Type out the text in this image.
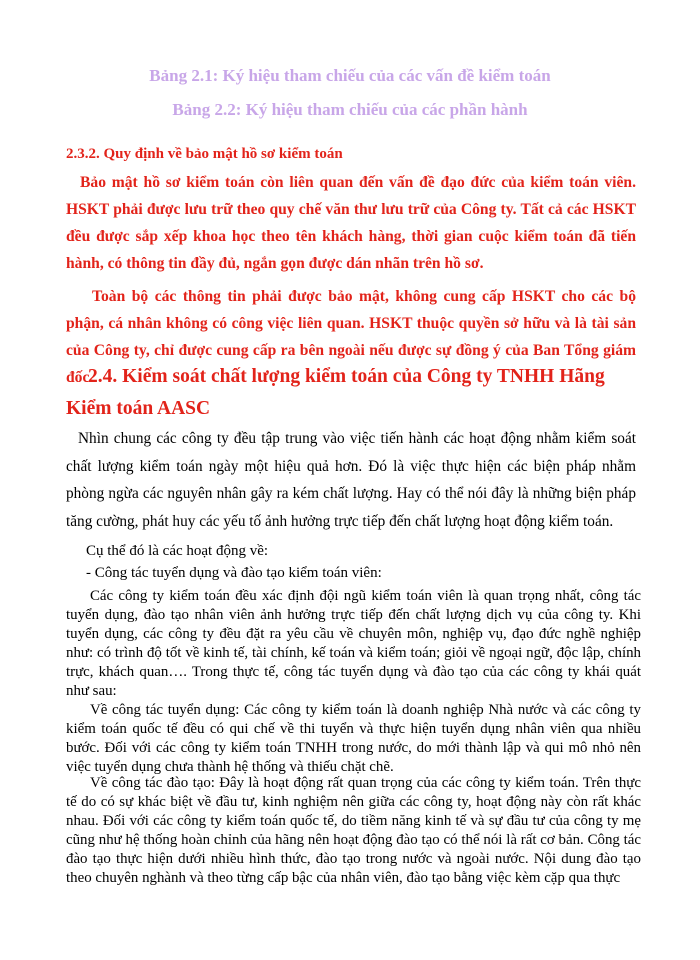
Bảng 2.1: Ký hiệu tham chiếu của các vấn đề kiểm toán

Bảng 2.2: Ký hiệu tham chiếu của các phần hành

2.3.2. Quy định về bảo mật hồ sơ kiểm toán

Bảo mật hồ sơ kiểm toán còn liên quan đến vấn đề đạo đức của kiểm toán viên. HSKT phải được lưu trữ theo quy chế văn thư lưu trữ của Công ty. Tất cả các HSKT đều được sắp xếp khoa học theo tên khách hàng, thời gian cuộc kiểm toán đã tiến hành, có thông tin đầy đủ, ngắn gọn được dán nhãn trên hồ sơ.

Toàn bộ các thông tin phải được bảo mật, không cung cấp HSKT cho các bộ phận, cá nhân không có công việc liên quan. HSKT thuộc quyền sở hữu và là tài sản của Công ty, chỉ được cung cấp ra bên ngoài nếu được sự đồng ý của Ban Tổng giám đốc.

2.4. Kiểm soát chất lượng kiểm toán của Công ty TNHH Hãng Kiểm toán AASC

Nhìn chung các công ty đều tập trung vào việc tiến hành các hoạt động nhằm kiểm soát chất lượng kiểm toán ngày một hiệu quả hơn. Đó là việc thực hiện các biện pháp nhằm phòng ngừa các nguyên nhân gây ra kém chất lượng. Hay có thể nói đây là những biện pháp tăng cường, phát huy các yếu tố ảnh hưởng trực tiếp đến chất lượng hoạt động kiểm toán.

Cụ thể đó là các hoạt động về:

- Công tác tuyển dụng và đào tạo kiểm toán viên:

Các công ty kiểm toán đều xác định đội ngũ kiểm toán viên là quan trọng nhất, công tác tuyển dụng, đào tạo nhân viên ảnh hưởng trực tiếp đến chất lượng dịch vụ của công ty. Khi tuyển dụng, các công ty đều đặt ra yêu cầu về chuyên môn, nghiệp vụ, đạo đức nghề nghiệp như: có trình độ tốt về kinh tế, tài chính, kế toán và kiểm toán; giỏi về ngoại ngữ, độc lập, chính trực, khách quan…. Trong thực tế, công tác tuyển dụng và đào tạo của các công ty khái quát như sau:

Về công tác tuyển dụng: Các công ty kiểm toán là doanh nghiệp Nhà nước và các công ty kiểm toán quốc tế đều có qui chế về thi tuyển và thực hiện tuyển dụng nhân viên qua nhiều bước. Đối với các công ty kiểm toán TNHH trong nước, do mới thành lập và qui mô nhỏ nên việc tuyển dụng chưa thành hệ thống và thiếu chặt chẽ.

Về công tác đào tạo: Đây là hoạt động rất quan trọng của các công ty kiểm toán. Trên thực tế do có sự khác biệt về đầu tư, kinh nghiệm nên giữa các công ty, hoạt động này còn rất khác nhau. Đối với các công ty kiểm toán quốc tế, do tiềm năng kinh tế và sự đầu tư của công ty mẹ cũng như hệ thống hoàn chỉnh của hãng nên hoạt động đào tạo có thể nói là rất cơ bản. Công tác đào tạo thực hiện dưới nhiều hình thức, đào tạo trong nước và ngoài nước. Nội dung đào tạo theo chuyên nghành và theo từng cấp bậc của nhân viên, đào tạo bằng việc kèm cặp qua thực
